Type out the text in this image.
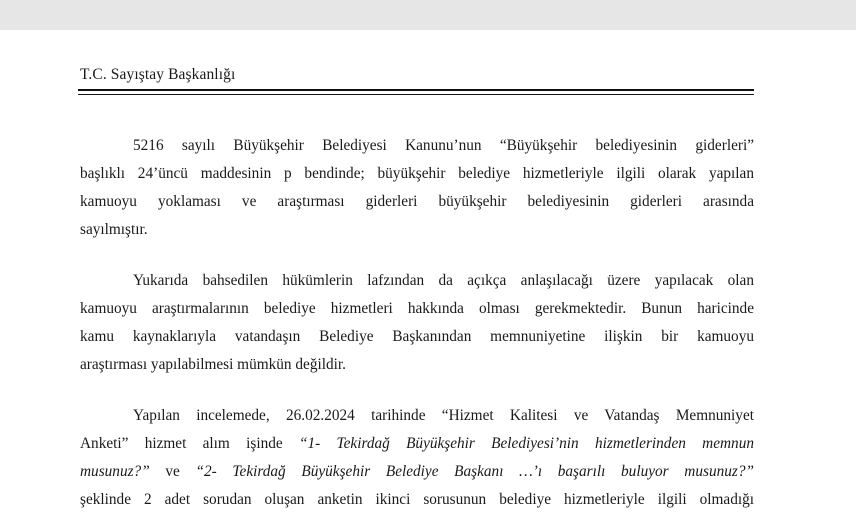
T.C. Sayıştay Başkanlığı
5216 sayılı Büyükşehir Belediyesi Kanunu’nun “Büyükşehir belediyesinin giderleri”
başlıklı 24’üncü maddesinin p bendinde; büyükşehir belediye hizmetleriyle ilgili olarak yapılan
kamuoyu yoklaması ve araştırması giderleri büyükşehir belediyesinin giderleri arasında
sayılmıştır.
Yukarıda bahsedilen hükümlerin lafzından da açıkça anlaşılacağı üzere yapılacak olan
kamuoyu araştırmalarının belediye hizmetleri hakkında olması gerekmektedir. Bunun haricinde
kamu kaynaklarıyla vatandaşın Belediye Başkanından memnuniyetine ilişkin bir kamuoyu
araştırması yapılabilmesi mümkün değildir.
Yapılan incelemede, 26.02.2024 tarihinde “Hizmet Kalitesi ve Vatandaş Memnuniyet
Anketi” hizmet alım işinde “1- Tekirdağ Büyükşehir Belediyesi’nin hizmetlerinden memnun
musunuz?” ve “2- Tekirdağ Büyükşehir Belediye Başkanı …’ı başarılı buluyor musunuz?”
şeklinde 2 adet sorudan oluşan anketin ikinci sorusunun belediye hizmetleriyle ilgili olmadığı
